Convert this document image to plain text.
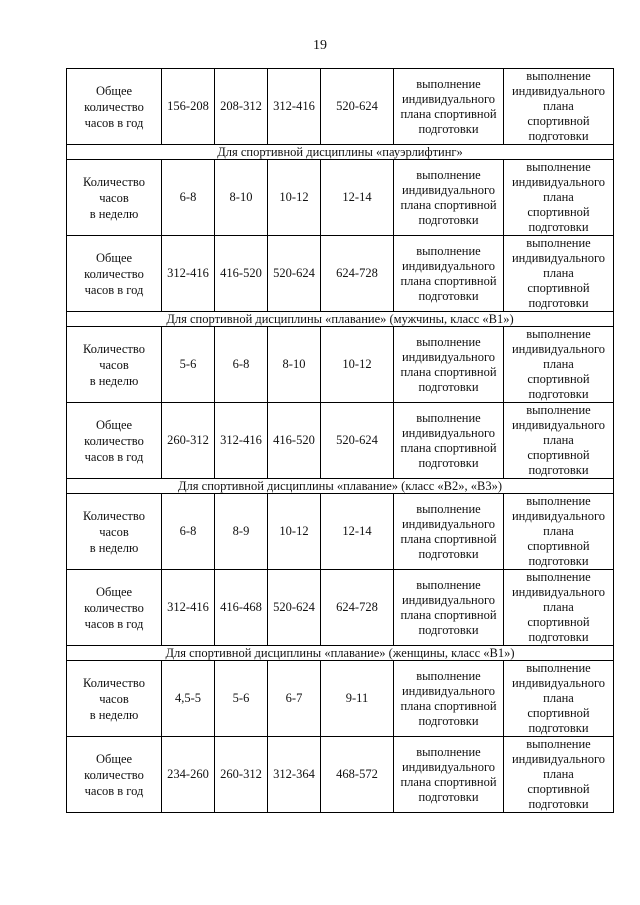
19
Общее
количество
часов в год	156-208	208-312	312-416	520-624	выполнение
индивидуального
плана спортивной
подготовки	выполнение
индивидуального
плана
спортивной
подготовки

Для спортивной дисциплины «пауэрлифтинг»						

Количество
часов
в неделю	6-8	8-10	10-12	12-14	выполнение
индивидуального
плана спортивной
подготовки	выполнение
индивидуального
плана
спортивной
подготовки

Общее
количество
часов в год	312-416	416-520	520-624	624-728	выполнение
индивидуального
плана спортивной
подготовки	выполнение
индивидуального
плана
спортивной
подготовки

Для спортивной дисциплины «плавание» (мужчины, класс «В1»)						

Количество
часов
в неделю	5-6	6-8	8-10	10-12	выполнение
индивидуального
плана спортивной
подготовки	выполнение
индивидуального
плана
спортивной
подготовки

Общее
количество
часов в год	260-312	312-416	416-520	520-624	выполнение
индивидуального
плана спортивной
подготовки	выполнение
индивидуального
плана
спортивной
подготовки

Для спортивной дисциплины «плавание» (класс «В2», «В3»)						

Количество
часов
в неделю	6-8	8-9	10-12	12-14	выполнение
индивидуального
плана спортивной
подготовки	выполнение
индивидуального
плана
спортивной
подготовки

Общее
количество
часов в год	312-416	416-468	520-624	624-728	выполнение
индивидуального
плана спортивной
подготовки	выполнение
индивидуального
плана
спортивной
подготовки

Для спортивной дисциплины «плавание» (женщины, класс «В1»)						

Количество
часов
в неделю	4,5-5	5-6	6-7	9-11	выполнение
индивидуального
плана спортивной
подготовки	выполнение
индивидуального
плана
спортивной
подготовки

Общее
количество
часов в год	234-260	260-312	312-364	468-572	выполнение
индивидуального
плана спортивной
подготовки	выполнение
индивидуального
плана
спортивной
подготовки
